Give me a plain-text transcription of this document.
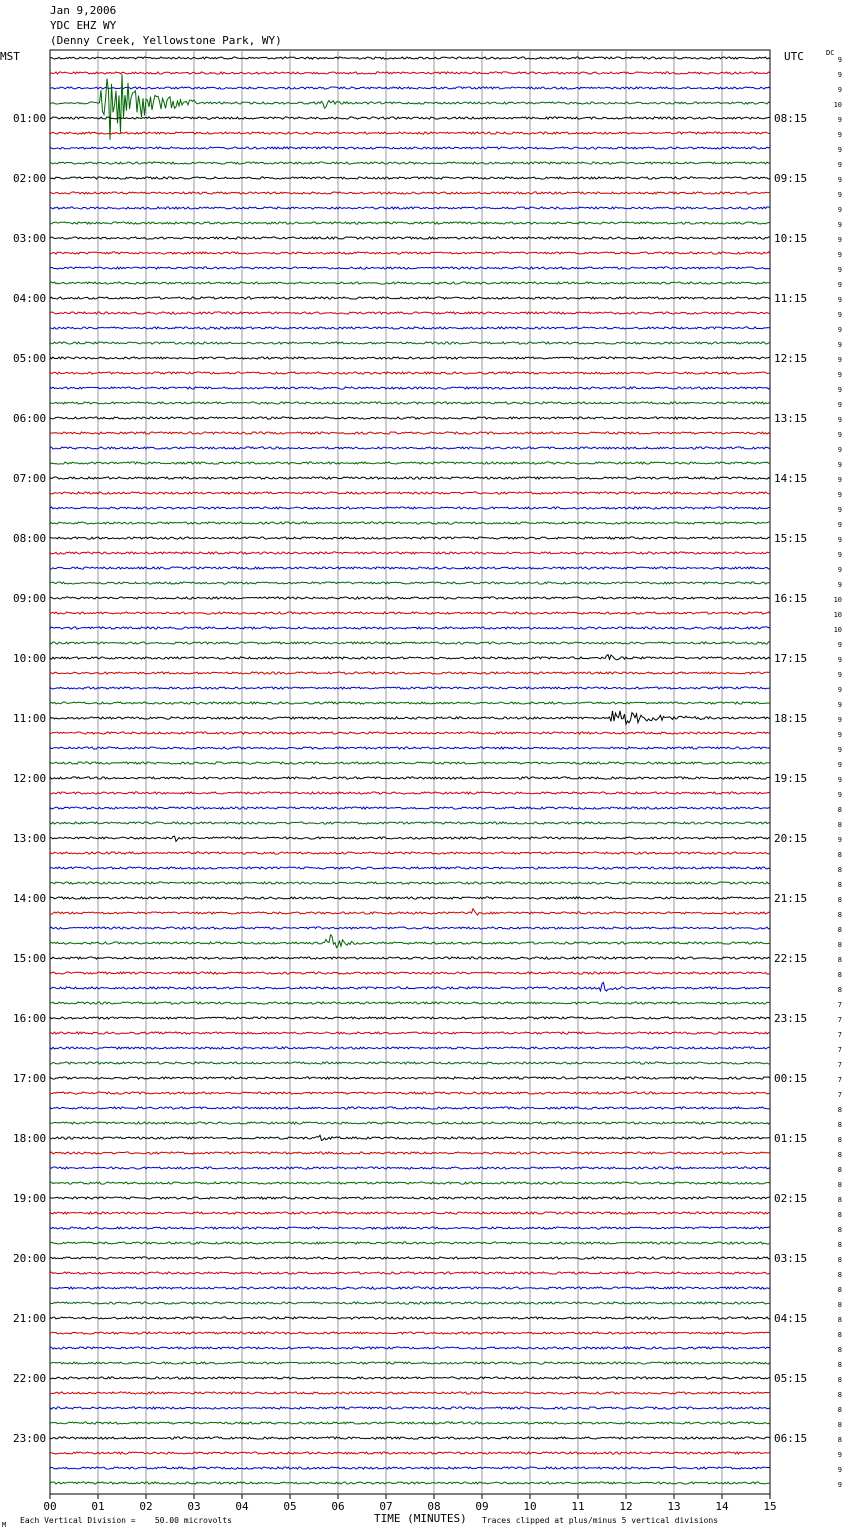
Jan 9,2006
YDC EHZ WY
(Denny Creek, Yellowstone Park, WY)
MST	UTC	DC
00	01	02	03	04	05	06	07	08	09	10	11	12	13	14	15
9
9
9
10
9
9
9
9
9
9
9
9
9
9
9
9
9
9
9
9
9
9
9
9
9
9
9
9
9
9
9
9
9
9
9
9
10
10
10
9
9
9
9
9
9
9
9
9
9
9
8
8
9
8
8
8
8
8
8
8
8
8
8
7
7
7
7
7
7
7
8
8
8
8
8
8
8
8
8
8
8
8
8
8
8
8
8
8
8
8
8
8
8
9
9
9
01:00	08:15
02:00	09:15
03:00	10:15
04:00	11:15
05:00	12:15
06:00	13:15
07:00	14:15
08:00	15:15
09:00	16:15
10:00	17:15
11:00	18:15
12:00	19:15
13:00	20:15
14:00	21:15
15:00	22:15
16:00	23:15
17:00	00:15
18:00	01:15
19:00	02:15
20:00	03:15
21:00	04:15
22:00	05:15
23:00	06:15
TIME (MINUTES)
Each Vertical Division =    50.00 microvolts	Traces clipped at plus/minus 5 vertical divisions
M
